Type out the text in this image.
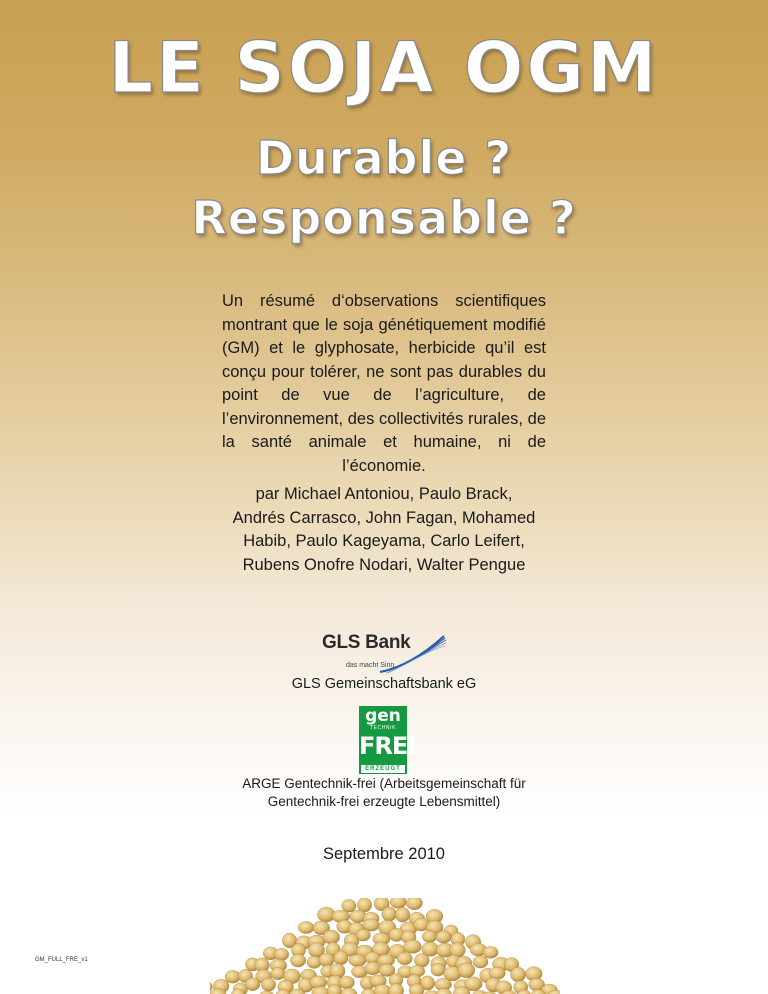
LE SOJA OGM
Durable ?
Responsable ?

Un résumé d‘observations scientifiques montrant que le soja génétiquement modifié (GM) et le glyphosate, herbicide qu’il est conçu pour tolérer, ne sont pas durables du point de vue de l’agriculture, de l’environnement, des collectivités rurales, de la santé animale et humaine, ni de l’économie.

par Michael Antoniou, Paulo Brack,
Andrés Carrasco, John Fagan, Mohamed
Habib, Paulo Kageyama, Carlo Leifert,
Rubens Onofre Nodari, Walter Pengue
GLS Bank
das macht Sinn

GLS Gemeinschaftsbank eG

gen
TECHNIK
FREI
ERZEUGT
ARGE Gentechnik-frei (Arbeitsgemeinschaft für
Gentechnik-frei erzeugte Lebensmittel)

Septembre 2010

GM_FULL_FRE_v1
